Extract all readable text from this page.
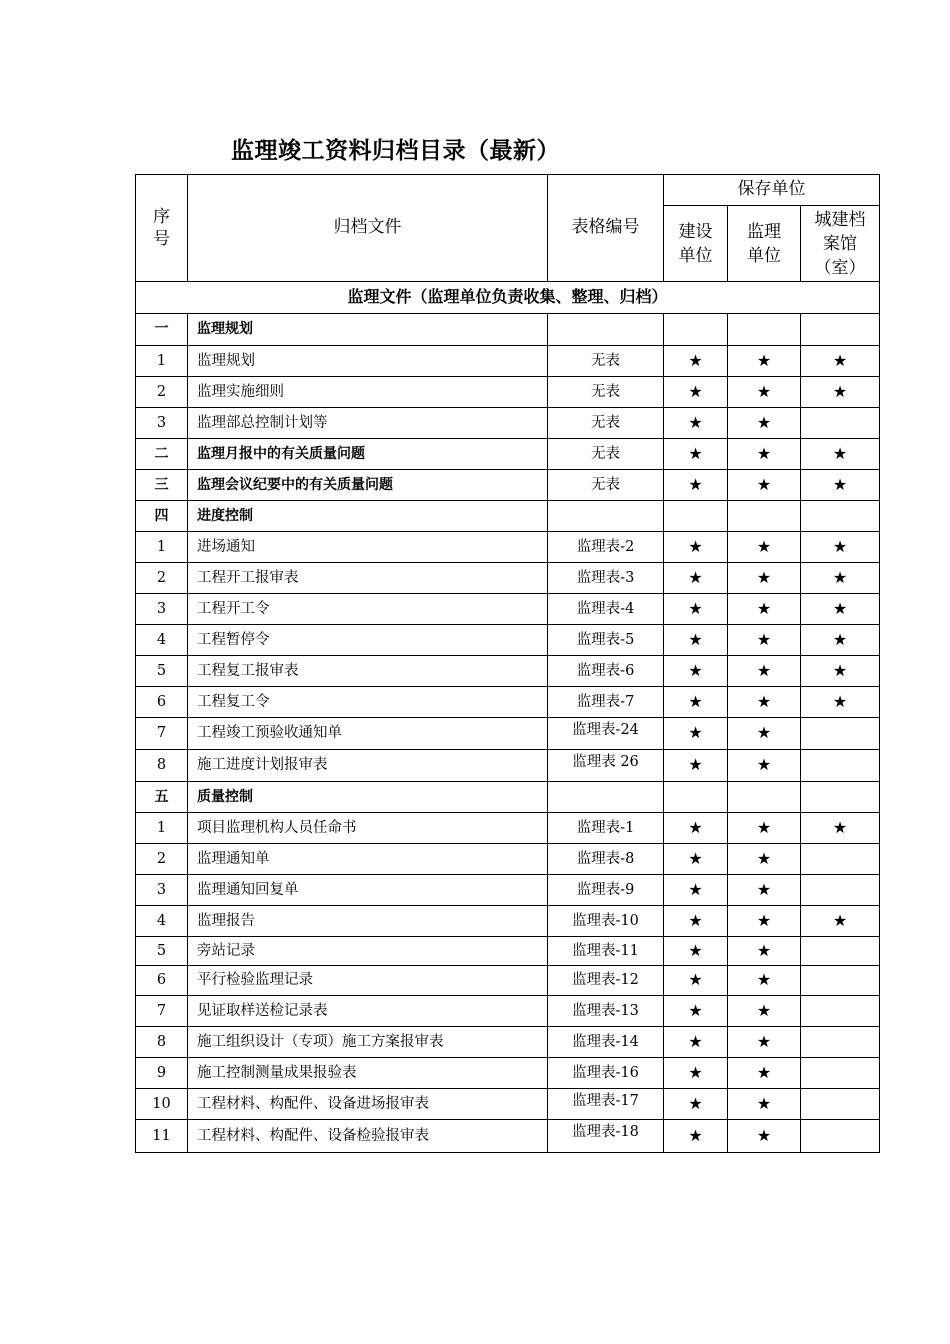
监理竣工资料归档目录（最新）
序号	归档文件	表格编号	保存单位		

			建设单位	监理单位	城建档案馆（室）

监理文件（监理单位负责收集、整理、归档）					
一	监理规划				
1	监理规划	无表	★	★	★
2	监理实施细则	无表	★	★	★
3	监理部总控制计划等	无表	★	★	
二	监理月报中的有关质量问题	无表	★	★	★
三	监理会议纪要中的有关质量问题	无表	★	★	★
四	进度控制				
1	进场通知	监理表-2	★	★	★
2	工程开工报审表	监理表-3	★	★	★
3	工程开工令	监理表-4	★	★	★
4	工程暂停令	监理表-5	★	★	★
5	工程复工报审表	监理表-6	★	★	★
6	工程复工令	监理表-7	★	★	★
7	工程竣工预验收通知单	监理表-24	★	★	
8	施工进度计划报审表	监理表 26	★	★	
五	质量控制				
1	项目监理机构人员任命书	监理表-1	★	★	★
2	监理通知单	监理表-8	★	★	
3	监理通知回复单	监理表-9	★	★	
4	监理报告	监理表-10	★	★	★
5	旁站记录	监理表-11	★	★	
6	平行检验监理记录	监理表-12	★	★	
7	见证取样送检记录表	监理表-13	★	★	
8	施工组织设计（专项）施工方案报审表	监理表-14	★	★	
9	施工控制测量成果报验表	监理表-16	★	★	
10	工程材料、构配件、设备进场报审表	监理表-17	★	★	
11	工程材料、构配件、设备检验报审表	监理表-18	★	★	
